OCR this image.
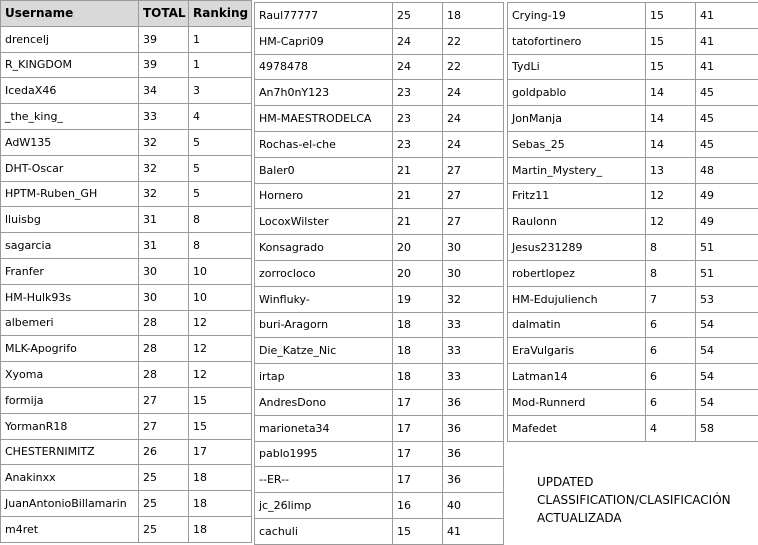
Username	TOTAL	Ranking
drencelj	39	1
R_KINGDOM	39	1
IcedaX46	34	3
_the_king_	33	4
AdW135	32	5
DHT-Oscar	32	5
HPTM-Ruben_GH	32	5
lluisbg	31	8
sagarcia	31	8
Franfer	30	10
HM-Hulk93s	30	10
albemeri	28	12
MLK-Apogrifo	28	12
Xyoma	28	12
formija	27	15
YormanR18	27	15
CHESTERNIMITZ	26	17
Anakinxx	25	18
JuanAntonioBillamarin	25	18
m4ret	25	18
Raul77777	25	18
HM-Capri09	24	22
4978478	24	22
An7h0nY123	23	24
HM-MAESTRODELCA	23	24
Rochas-el-che	23	24
Baler0	21	27
Hornero	21	27
LocoxWilster	21	27
Konsagrado	20	30
zorrocloco	20	30
Winfluky-	19	32
buri-Aragorn	18	33
Die_Katze_Nic	18	33
irtap	18	33
AndresDono	17	36
marioneta34	17	36
pablo1995	17	36
--ER--	17	36
jc_26limp	16	40
cachuli	15	41
Crying-19	15	41
tatofortinero	15	41
TydLi	15	41
goldpablo	14	45
JonManja	14	45
Sebas_25	14	45
Martin_Mystery_	13	48
Fritz11	12	49
Raulonn	12	49
Jesus231289	8	51
robertlopez	8	51
HM-Edujuliench	7	53
dalmatin	6	54
EraVulgaris	6	54
Latman14	6	54
Mod-Runnerd	6	54
Mafedet	4	58
UPDATED
CLASSIFICATION/CLASIFICACIÓN
ACTUALIZADA
